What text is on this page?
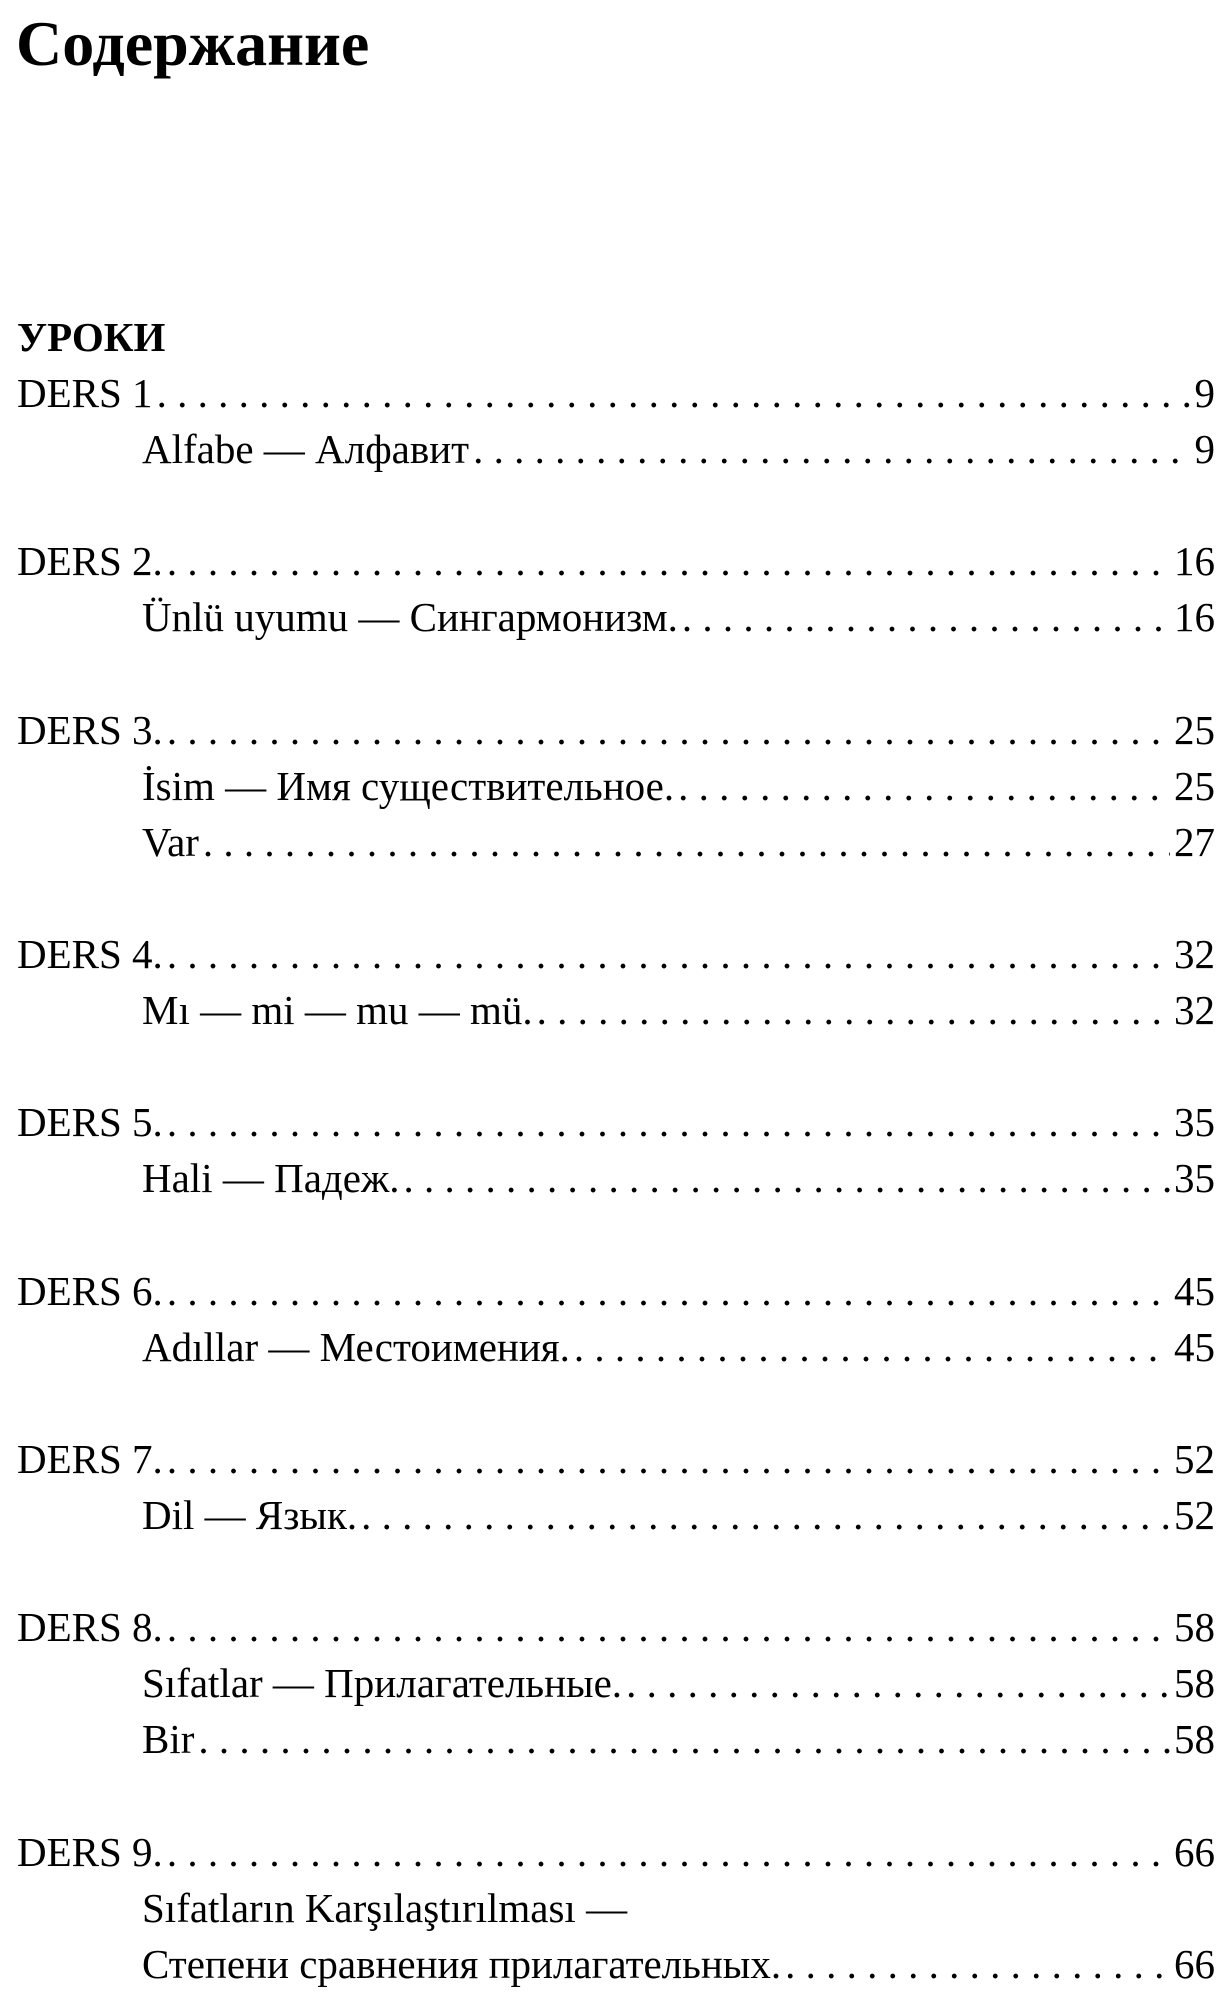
Содержание
УРОКИ
DERS 1 . . .	9
Alfabe — Алфавит . . .	9
DERS 2. . . .	16
Ünlü uyumu — Сингармонизм. . . .	16
DERS 3. . . .	25
İsim — Имя существительное. . . .	25
Var . . .	27
DERS 4. . . .	32
Mı — mi — mu — mü. . . .	32
DERS 5. . . .	35
Hali — Падеж. . . .	35
DERS 6. . . .	45
Adıllar — Местоимения. . . .	45
DERS 7. . . .	52
Dil — Язык. . . .	52
DERS 8. . . .	58
Sıfatlar — Прилагательные. . . .	58
Bir . . .	58
DERS 9. . . .	66
Sıfatların Karşılaştırılması —
Степени сравнения прилагательных. . . .	66
